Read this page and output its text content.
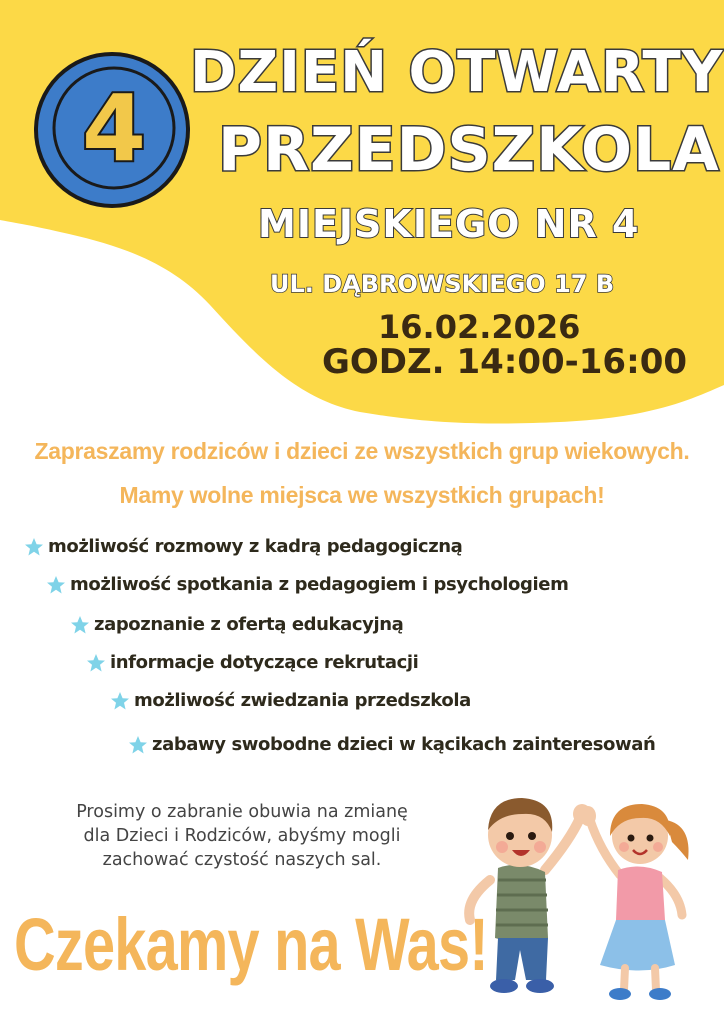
4
DZIEŃ OTWARTY
PRZEDSZKOLA
MIEJSKIEGO NR 4
UL. DĄBROWSKIEGO 17 B
16.02.2026
GODZ. 14:00-16:00
Zapraszamy rodziców i dzieci ze wszystkich grup wiekowych.
Mamy wolne miejsca we wszystkich grupach!
możliwość rozmowy z kadrą pedagogiczną
możliwość spotkania z pedagogiem i psychologiem
zapoznanie z ofertą edukacyjną
informacje dotyczące rekrutacji
możliwość zwiedzania przedszkola
zabawy swobodne dzieci w kącikach zainteresowań
Prosimy o zabranie obuwia na zmianę
dla Dzieci i Rodziców, abyśmy mogli
zachować czystość naszych sal.
Czekamy na Was!
